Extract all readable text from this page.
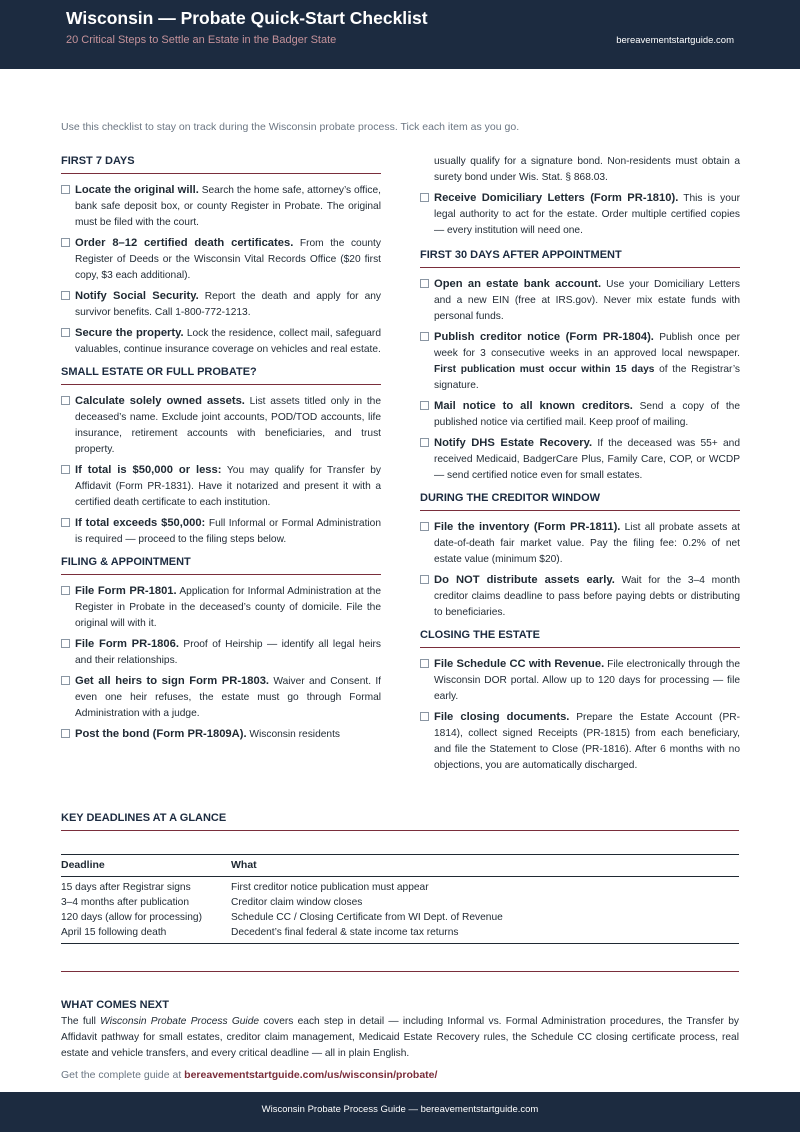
Wisconsin — Probate Quick-Start Checklist
20 Critical Steps to Settle an Estate in the Badger State	bereavementstartguide.com
Use this checklist to stay on track during the Wisconsin probate process. Tick each item as you go.
FIRST 7 DAYS
Locate the original will. Search the home safe, attorney’s office, bank safe deposit box, or county Register in Probate. The original must be filed with the court.
Order 8–12 certified death certificates. From the county Register of Deeds or the Wisconsin Vital Records Office ($20 first copy, $3 each additional).
Notify Social Security. Report the death and apply for any survivor benefits. Call 1-800-772-1213.
Secure the property. Lock the residence, collect mail, safeguard valuables, continue insurance coverage on vehicles and real estate.
SMALL ESTATE OR FULL PROBATE?
Calculate solely owned assets. List assets titled only in the deceased’s name. Exclude joint accounts, POD/TOD accounts, life insurance, retirement accounts with beneficiaries, and trust property.
If total is $50,000 or less: You may qualify for Transfer by Affidavit (Form PR-1831). Have it notarized and present it with a certified death certificate to each institution.
If total exceeds $50,000: Full Informal or Formal Administration is required — proceed to the filing steps below.
FILING & APPOINTMENT
File Form PR-1801. Application for Informal Administration at the Register in Probate in the deceased’s county of domicile. File the original will with it.
File Form PR-1806. Proof of Heirship — identify all legal heirs and their relationships.
Get all heirs to sign Form PR-1803. Waiver and Consent. If even one heir refuses, the estate must go through Formal Administration with a judge.
Post the bond (Form PR-1809A). Wisconsin residents
usually qualify for a signature bond. Non-residents must obtain a surety bond under Wis. Stat. § 868.03.
Receive Domiciliary Letters (Form PR-1810). This is your legal authority to act for the estate. Order multiple certified copies — every institution will need one.
FIRST 30 DAYS AFTER APPOINTMENT
Open an estate bank account. Use your Domiciliary Letters and a new EIN (free at IRS.gov). Never mix estate funds with personal funds.
Publish creditor notice (Form PR-1804). Publish once per week for 3 consecutive weeks in an approved local newspaper. First publication must occur within 15 days of the Registrar’s signature.
Mail notice to all known creditors. Send a copy of the published notice via certified mail. Keep proof of mailing.
Notify DHS Estate Recovery. If the deceased was 55+ and received Medicaid, BadgerCare Plus, Family Care, COP, or WCDP — send certified notice even for small estates.
DURING THE CREDITOR WINDOW
File the inventory (Form PR-1811). List all probate assets at date-of-death fair market value. Pay the filing fee: 0.2% of net estate value (minimum $20).
Do NOT distribute assets early. Wait for the 3–4 month creditor claims deadline to pass before paying debts or distributing to beneficiaries.
CLOSING THE ESTATE
File Schedule CC with Revenue. File electronically through the Wisconsin DOR portal. Allow up to 120 days for processing — file early.
File closing documents. Prepare the Estate Account (PR-1814), collect signed Receipts (PR-1815) from each beneficiary, and file the Statement to Close (PR-1816). After 6 months with no objections, you are automatically discharged.
KEY DEADLINES AT A GLANCE
Deadline	What
15 days after Registrar signs	First creditor notice publication must appear
3–4 months after publication	Creditor claim window closes
120 days (allow for processing)	Schedule CC / Closing Certificate from WI Dept. of Revenue
April 15 following death	Decedent’s final federal & state income tax returns
WHAT COMES NEXT
The full Wisconsin Probate Process Guide covers each step in detail — including Informal vs. Formal Administration procedures, the Transfer by Affidavit pathway for small estates, creditor claim management, Medicaid Estate Recovery rules, the Schedule CC closing certificate process, real estate and vehicle transfers, and every critical deadline — all in plain English.
Get the complete guide at bereavementstartguide.com/us/wisconsin/probate/
Wisconsin Probate Process Guide — bereavementstartguide.com
